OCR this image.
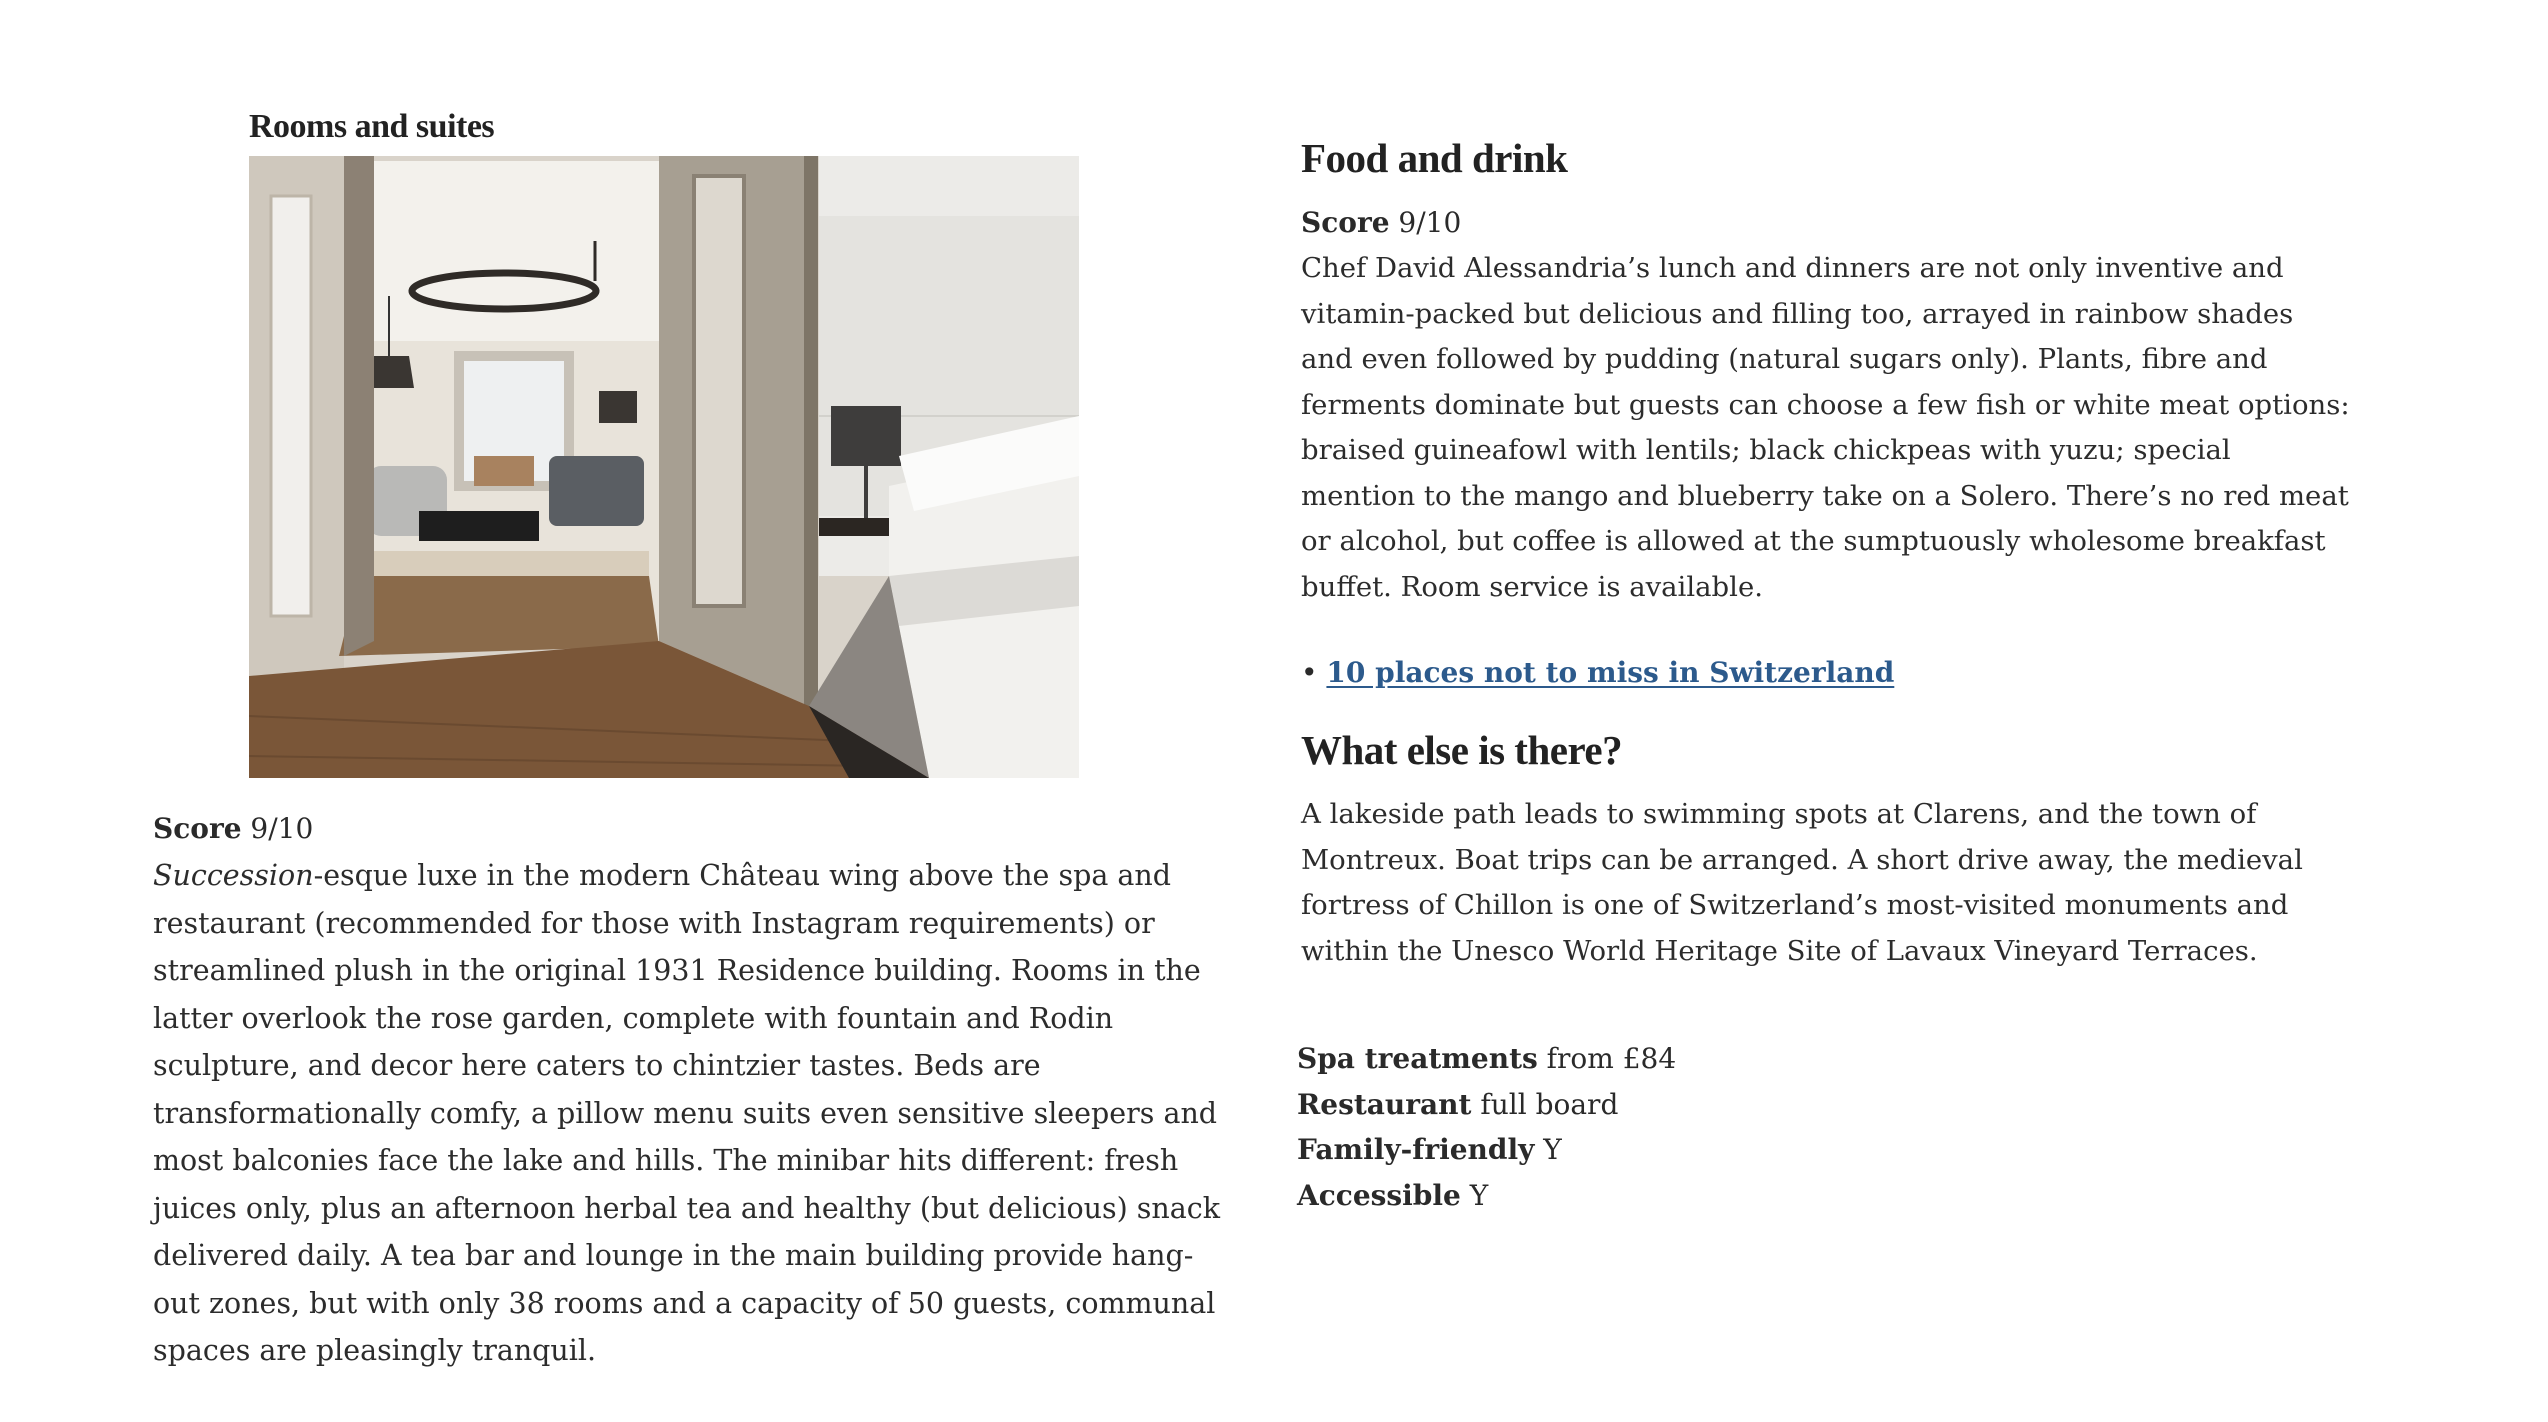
Rooms and suites
Score 9/10

Succession-esque luxe in the modern Château wing above the spa and restaurant (recommended for those with Instagram requirements) or streamlined plush in the original 1931 Residence building. Rooms in the latter overlook the rose garden, complete with fountain and Rodin sculpture, and decor here caters to chintzier tastes. Beds are transformationally comfy, a pillow menu suits even sensitive sleepers and most balconies face the lake and hills. The minibar hits different: fresh juices only, plus an afternoon herbal tea and healthy (but delicious) snack delivered daily. A tea bar and lounge in the main building provide hang-out zones, but with only 38 rooms and a capacity of 50 guests, communal spaces are pleasingly tranquil.

Food and drink
Score 9/10

Chef David Alessandria’s lunch and dinners are not only inventive and vitamin-packed but delicious and filling too, arrayed in rainbow shades and even followed by pudding (natural sugars only). Plants, fibre and ferments dominate but guests can choose a few fish or white meat options: braised guineafowl with lentils; black chickpeas with yuzu; special mention to the mango and blueberry take on a Solero. There’s no red meat or alcohol, but coffee is allowed at the sumptuously wholesome breakfast buffet. Room service is available.

• 10 places not to miss in Switzerland
What else is there?

A lakeside path leads to swimming spots at Clarens, and the town of Montreux. Boat trips can be arranged. A short drive away, the medieval fortress of Chillon is one of Switzerland’s most-visited monuments and within the Unesco World Heritage Site of Lavaux Vineyard Terraces.

Spa treatments from £84
Restaurant full board
Family-friendly Y
Accessible Y
